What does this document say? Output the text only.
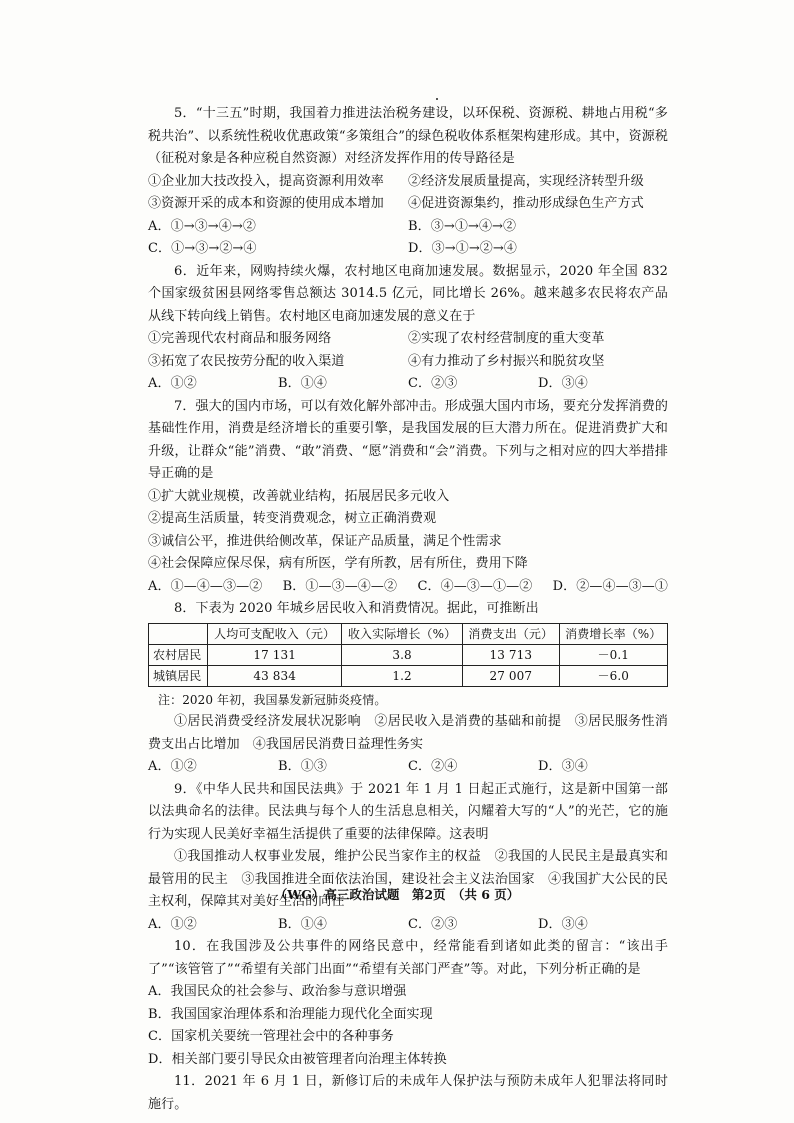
5．“十三五”时期，我国着力推进法治税务建设，以环保税、资源税、耕地占用税“多税共治”、以系统性税收优惠政策“多策组合”的绿色税收体系框架构建形成。其中，资源税（征税对象是各种应税自然资源）对经济发挥作用的传导路径是

①企业加大技改投入，提高资源利用效率	②经济发展质量提高，实现经济转型升级
③资源开采的成本和资源的使用成本增加	④促进资源集约，推动形成绿色生产方式
A．①→③→④→②	B．③→①→④→②
C．①→③→②→④	D．③→①→②→④

6．近年来，网购持续火爆，农村地区电商加速发展。数据显示，2020 年全国 832 个国家级贫困县网络零售总额达 3014.5 亿元，同比增长 26%。越来越多农民将农产品从线下转向线上销售。农村地区电商加速发展的意义在于

①完善现代农村商品和服务网络	②实现了农村经营制度的重大变革
③拓宽了农民按劳分配的收入渠道	④有力推动了乡村振兴和脱贫攻坚
A．①②	B．①④	C．②③	D．③④

7．强大的国内市场，可以有效化解外部冲击。形成强大国内市场，要充分发挥消费的基础性作用，消费是经济增长的重要引擎，是我国发展的巨大潜力所在。促进消费扩大和升级，让群众“能”消费、“敢”消费、“愿”消费和“会”消费。下列与之相对应的四大举措排导正确的是

①扩大就业规模，改善就业结构，拓展居民多元收入

②提高生活质量，转变消费观念，树立正确消费观

③诚信公平，推进供给侧改革，保证产品质量，满足个性需求

④社会保障应保尽保，病有所医，学有所教，居有所住，费用下降

A．①—④—③—② B．①—③—④—② C．④—③—①—② D．②—④—③—①

8．下表为 2020 年城乡居民收入和消费情况。据此，可推断出

	人均可支配收入（元）	收入实际增长（%）	消费支出（元）	消费增长率（%）
农村居民	17 131	3.8	13 713	－0.1
城镇居民	43 834	1.2	27 007	－6.0

注：2020 年初，我国暴发新冠肺炎疫情。

①居民消费受经济发展状况影响　②居民收入是消费的基础和前提　③居民服务性消费支出占比增加　④我国居民消费日益理性务实

A．①②	B．①③	C．②④	D．③④

9．《中华人民共和国民法典》于 2021 年 1 月 1 日起正式施行，这是新中国第一部以法典命名的法律。民法典与每个人的生活息息相关，闪耀着大写的“人”的光芒，它的施行为实现人民美好幸福生活提供了重要的法律保障。这表明

①我国推动人权事业发展，维护公民当家作主的权益　②我国的人民民主是最真实和最管用的民主　③我国推进全面依法治国，建设社会主义法治国家　④我国扩大公民的民主权利，保障其对美好生活的向往

A．①②	B．①④	C．②③	D．③④

10．在我国涉及公共事件的网络民意中，经常能看到诸如此类的留言：“该出手了”“该管管了”“希望有关部门出面”“希望有关部门严查”等。对此，下列分析正确的是

A．我国民众的社会参与、政治参与意识增强

B．我国国家治理体系和治理能力现代化全面实现

C．国家机关要统一管理社会中的各种事务

D．相关部门要引导民众由被管理者向治理主体转换

11．2021 年 6 月 1 日，新修订后的未成年人保护法与预防未成年人犯罪法将同时施行。

（WG）高三政治试题　第2页　（共 6 页）
